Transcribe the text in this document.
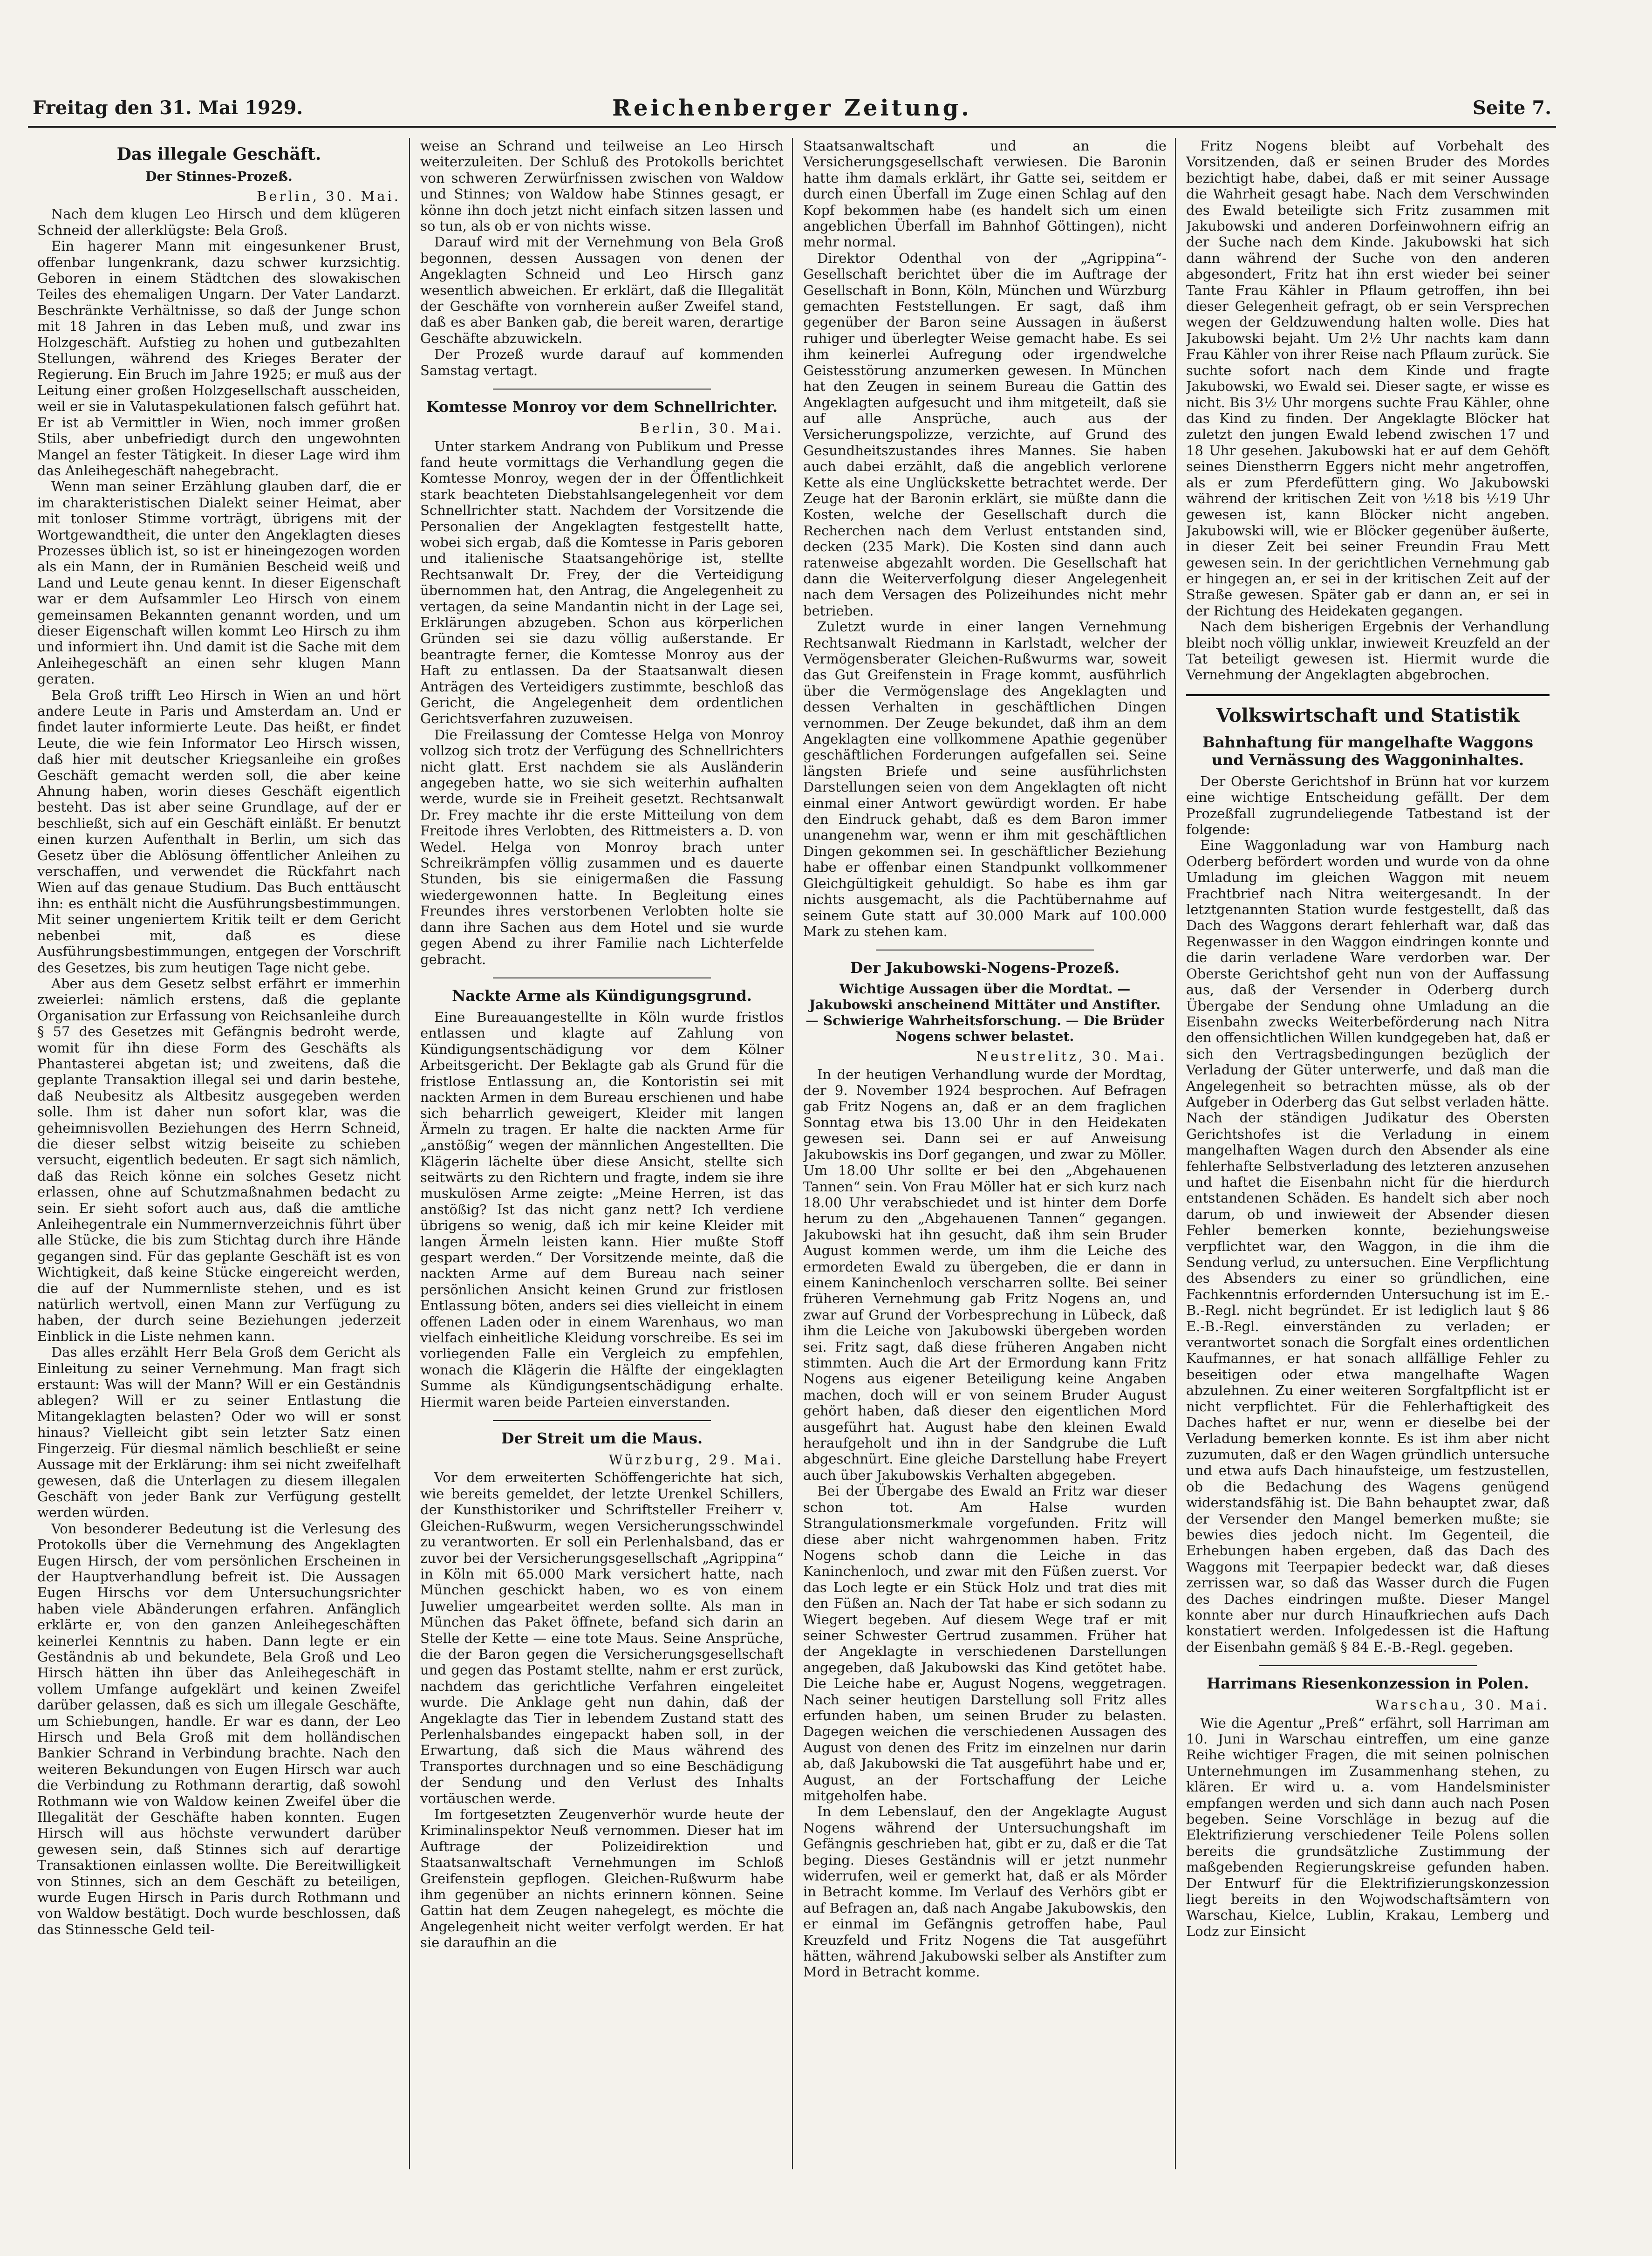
Freitag den 31. Mai 1929.	Reichenberger Zeitung.	Seite 7.
Das illegale Geschäft.
Der Stinnes-Prozeß.
Berlin, 30. Mai.

Nach dem klugen Leo Hirsch und dem klügeren Schneid der allerklügste: Bela Groß.

Ein hagerer Mann mit eingesunkener Brust, offenbar lungenkrank, dazu schwer kurzsichtig. Geboren in einem Städtchen des slowakischen Teiles des ehemaligen Ungarn. Der Vater Landarzt. Beschränkte Verhältnisse, so daß der Junge schon mit 18 Jahren in das Leben muß, und zwar ins Holzgeschäft. Aufstieg zu hohen und gutbezahlten Stellungen, während des Krieges Berater der Regierung. Ein Bruch im Jahre 1925; er muß aus der Leitung einer großen Holzgesellschaft ausscheiden, weil er sie in Valutaspekulationen falsch geführt hat. Er ist ab Vermittler in Wien, noch immer großen Stils, aber unbefriedigt durch den ungewohnten Mangel an fester Tätigkeit. In dieser Lage wird ihm das Anleihegeschäft nahegebracht.

Wenn man seiner Erzählung glauben darf, die er im charakteristischen Dialekt seiner Heimat, aber mit tonloser Stimme vorträgt, übrigens mit der Wortgewandtheit, die unter den Angeklagten dieses Prozesses üblich ist, so ist er hineingezogen worden als ein Mann, der in Rumänien Bescheid weiß und Land und Leute genau kennt. In dieser Eigenschaft war er dem Aufsammler Leo Hirsch von einem gemeinsamen Bekannten genannt worden, und um dieser Eigenschaft willen kommt Leo Hirsch zu ihm und informiert ihn. Und damit ist die Sache mit dem Anleihegeschäft an einen sehr klugen Mann geraten.

Bela Groß trifft Leo Hirsch in Wien an und hört andere Leute in Paris und Amsterdam an. Und er findet lauter informierte Leute. Das heißt, er findet Leute, die wie fein Informator Leo Hirsch wissen, daß hier mit deutscher Kriegsanleihe ein großes Geschäft gemacht werden soll, die aber keine Ahnung haben, worin dieses Geschäft eigentlich besteht. Das ist aber seine Grundlage, auf der er beschließt, sich auf ein Geschäft einläßt. Er benutzt einen kurzen Aufenthalt in Berlin, um sich das Gesetz über die Ablösung öffentlicher Anleihen zu verschaffen, und verwendet die Rückfahrt nach Wien auf das genaue Studium. Das Buch enttäuscht ihn: es enthält nicht die Ausführungsbestimmungen. Mit seiner ungeniertem Kritik teilt er dem Gericht nebenbei mit, daß es diese Ausführungsbestimmungen, entgegen der Vorschrift des Gesetzes, bis zum heutigen Tage nicht gebe.

Aber aus dem Gesetz selbst erfährt er immerhin zweierlei: nämlich erstens, daß die geplante Organisation zur Erfassung von Reichsanleihe durch § 57 des Gesetzes mit Gefängnis bedroht werde, womit für ihn diese Form des Geschäfts als Phantasterei abgetan ist; und zweitens, daß die geplante Transaktion illegal sei und darin bestehe, daß Neubesitz als Altbesitz ausgegeben werden solle. Ihm ist daher nun sofort klar, was die geheimnisvollen Beziehungen des Herrn Schneid, die dieser selbst witzig beiseite zu schieben versucht, eigentlich bedeuten. Er sagt sich nämlich, daß das Reich könne ein solches Gesetz nicht erlassen, ohne auf Schutzmaßnahmen bedacht zu sein. Er sieht sofort auch aus, daß die amtliche Anleihegentrale ein Nummernverzeichnis führt über alle Stücke, die bis zum Stichtag durch ihre Hände gegangen sind. Für das geplante Geschäft ist es von Wichtigkeit, daß keine Stücke eingereicht werden, die auf der Nummernliste stehen, und es ist natürlich wertvoll, einen Mann zur Verfügung zu haben, der durch seine Beziehungen jederzeit Einblick in die Liste nehmen kann.

Das alles erzählt Herr Bela Groß dem Gericht als Einleitung zu seiner Vernehmung. Man fragt sich erstaunt: Was will der Mann? Will er ein Geständnis ablegen? Will er zu seiner Entlastung die Mitangeklagten belasten? Oder wo will er sonst hinaus? Vielleicht gibt sein letzter Satz einen Fingerzeig. Für diesmal nämlich beschließt er seine Aussage mit der Erklärung: ihm sei nicht zweifelhaft gewesen, daß die Unterlagen zu diesem illegalen Geschäft von jeder Bank zur Verfügung gestellt werden würden.

Von besonderer Bedeutung ist die Verlesung des Protokolls über die Vernehmung des Angeklagten Eugen Hirsch, der vom persönlichen Erscheinen in der Hauptverhandlung befreit ist. Die Aussagen Eugen Hirschs vor dem Untersuchungsrichter haben viele Abänderungen erfahren. Anfänglich erklärte er, von den ganzen Anleihegeschäften keinerlei Kenntnis zu haben. Dann legte er ein Geständnis ab und bekundete, Bela Groß und Leo Hirsch hätten ihn über das Anleihegeschäft in vollem Umfange aufgeklärt und keinen Zweifel darüber gelassen, daß es sich um illegale Geschäfte, um Schiebungen, handle. Er war es dann, der Leo Hirsch und Bela Groß mit dem holländischen Bankier Schrand in Verbindung brachte. Nach den weiteren Bekundungen von Eugen Hirsch war auch die Verbindung zu Rothmann derartig, daß sowohl Rothmann wie von Waldow keinen Zweifel über die Illegalität der Geschäfte haben konnten. Eugen Hirsch will aus höchste verwundert darüber gewesen sein, daß Stinnes sich auf derartige Transaktionen einlassen wollte. Die Bereitwilligkeit von Stinnes, sich an dem Geschäft zu beteiligen, wurde Eugen Hirsch in Paris durch Rothmann und von Waldow bestätigt. Doch wurde beschlossen, daß das Stinnessche Geld teil-

weise an Schrand und teilweise an Leo Hirsch weiterzuleiten. Der Schluß des Protokolls berichtet von schweren Zerwürfnissen zwischen von Waldow und Stinnes; von Waldow habe Stinnes gesagt, er könne ihn doch jetzt nicht einfach sitzen lassen und so tun, als ob er von nichts wisse.

Darauf wird mit der Vernehmung von Bela Groß begonnen, dessen Aussagen von denen der Angeklagten Schneid und Leo Hirsch ganz wesentlich abweichen. Er erklärt, daß die Illegalität der Geschäfte von vornherein außer Zweifel stand, daß es aber Banken gab, die bereit waren, derartige Geschäfte abzuwickeln.

Der Prozeß wurde darauf auf kommenden Samstag vertagt.

Komtesse Monroy vor dem Schnellrichter.
Berlin, 30. Mai.

Unter starkem Andrang von Publikum und Presse fand heute vormittags die Verhandlung gegen die Komtesse Monroy, wegen der in der Öffentlichkeit stark beachteten Diebstahlsangelegenheit vor dem Schnellrichter statt. Nachdem der Vorsitzende die Personalien der Angeklagten festgestellt hatte, wobei sich ergab, daß die Komtesse in Paris geboren und italienische Staatsangehörige ist, stellte Rechtsanwalt Dr. Frey, der die Verteidigung übernommen hat, den Antrag, die Angelegenheit zu vertagen, da seine Mandantin nicht in der Lage sei, Erklärungen abzugeben. Schon aus körperlichen Gründen sei sie dazu völlig außerstande. Er beantragte ferner, die Komtesse Monroy aus der Haft zu entlassen. Da der Staatsanwalt diesen Anträgen des Verteidigers zustimmte, beschloß das Gericht, die Angelegenheit dem ordentlichen Gerichtsverfahren zuzuweisen.

Die Freilassung der Comtesse Helga von Monroy vollzog sich trotz der Verfügung des Schnellrichters nicht glatt. Erst nachdem sie als Ausländerin angegeben hatte, wo sie sich weiterhin aufhalten werde, wurde sie in Freiheit gesetzt. Rechtsanwalt Dr. Frey machte ihr die erste Mitteilung von dem Freitode ihres Verlobten, des Rittmeisters a. D. von Wedel. Helga von Monroy brach unter Schreikrämpfen völlig zusammen und es dauerte Stunden, bis sie einigermaßen die Fassung wiedergewonnen hatte. In Begleitung eines Freundes ihres verstorbenen Verlobten holte sie dann ihre Sachen aus dem Hotel und sie wurde gegen Abend zu ihrer Familie nach Lichterfelde gebracht.

Nackte Arme als Kündigungsgrund.

Eine Bureauangestellte in Köln wurde fristlos entlassen und klagte auf Zahlung von Kündigungsentschädigung vor dem Kölner Arbeitsgericht. Der Beklagte gab als Grund für die fristlose Entlassung an, die Kontoristin sei mit nackten Armen in dem Bureau erschienen und habe sich beharrlich geweigert, Kleider mit langen Ärmeln zu tragen. Er halte die nackten Arme für „anstößig“ wegen der männlichen Angestellten. Die Klägerin lächelte über diese Ansicht, stellte sich seitwärts zu den Richtern und fragte, indem sie ihre muskulösen Arme zeigte: „Meine Herren, ist das anstößig? Ist das nicht ganz nett? Ich verdiene übrigens so wenig, daß ich mir keine Kleider mit langen Ärmeln leisten kann. Hier mußte Stoff gespart werden.“ Der Vorsitzende meinte, daß die nackten Arme auf dem Bureau nach seiner persönlichen Ansicht keinen Grund zur fristlosen Entlassung böten, anders sei dies vielleicht in einem offenen Laden oder in einem Warenhaus, wo man vielfach einheitliche Kleidung vorschreibe. Es sei im vorliegenden Falle ein Vergleich zu empfehlen, wonach die Klägerin die Hälfte der eingeklagten Summe als Kündigungsentschädigung erhalte. Hiermit waren beide Parteien einverstanden.

Der Streit um die Maus.
Würzburg, 29. Mai.

Vor dem erweiterten Schöffengerichte hat sich, wie bereits gemeldet, der letzte Urenkel Schillers, der Kunsthistoriker und Schriftsteller Freiherr v. Gleichen-Rußwurm, wegen Versicherungsschwindel zu verantworten. Er soll ein Perlenhalsband, das er zuvor bei der Versicherungsgesellschaft „Agrippina“ in Köln mit 65.000 Mark versichert hatte, nach München geschickt haben, wo es von einem Juwelier umgearbeitet werden sollte. Als man in München das Paket öffnete, befand sich darin an Stelle der Kette — eine tote Maus. Seine Ansprüche, die der Baron gegen die Versicherungsgesellschaft und gegen das Postamt stellte, nahm er erst zurück, nachdem das gerichtliche Verfahren eingeleitet wurde. Die Anklage geht nun dahin, daß der Angeklagte das Tier in lebendem Zustand statt des Perlenhalsbandes eingepackt haben soll, in der Erwartung, daß sich die Maus während des Transportes durchnagen und so eine Beschädigung der Sendung und den Verlust des Inhalts vortäuschen werde.

Im fortgesetzten Zeugenverhör wurde heute der Kriminalinspektor Neuß vernommen. Dieser hat im Auftrage der Polizeidirektion und Staatsanwaltschaft Vernehmungen im Schloß Greifenstein gepflogen. Gleichen-Rußwurm habe ihm gegenüber an nichts erinnern können. Seine Gattin hat dem Zeugen nahegelegt, es möchte die Angelegenheit nicht weiter verfolgt werden. Er hat sie daraufhin an die

Staatsanwaltschaft und an die Versicherungsgesellschaft verwiesen. Die Baronin hatte ihm damals erklärt, ihr Gatte sei, seitdem er durch einen Überfall im Zuge einen Schlag auf den Kopf bekommen habe (es handelt sich um einen angeblichen Überfall im Bahnhof Göttingen), nicht mehr normal.

Direktor Odenthal von der „Agrippina“-Gesellschaft berichtet über die im Auftrage der Gesellschaft in Bonn, Köln, München und Würzburg gemachten Feststellungen. Er sagt, daß ihm gegenüber der Baron seine Aussagen in äußerst ruhiger und überlegter Weise gemacht habe. Es sei ihm keinerlei Aufregung oder irgendwelche Geistesstörung anzumerken gewesen. In München hat den Zeugen in seinem Bureau die Gattin des Angeklagten aufgesucht und ihm mitgeteilt, daß sie auf alle Ansprüche, auch aus der Versicherungspolizze, verzichte, auf Grund des Gesundheitszustandes ihres Mannes. Sie haben auch dabei erzählt, daß die angeblich verlorene Kette als eine Unglückskette betrachtet werde. Der Zeuge hat der Baronin erklärt, sie müßte dann die Kosten, welche der Gesellschaft durch die Recherchen nach dem Verlust entstanden sind, decken (235 Mark). Die Kosten sind dann auch ratenweise abgezahlt worden. Die Gesellschaft hat dann die Weiterverfolgung dieser Angelegenheit nach dem Versagen des Polizeihundes nicht mehr betrieben.

Zuletzt wurde in einer langen Vernehmung Rechtsanwalt Riedmann in Karlstadt, welcher der Vermögensberater Gleichen-Rußwurms war, soweit das Gut Greifenstein in Frage kommt, ausführlich über die Vermögenslage des Angeklagten und dessen Verhalten in geschäftlichen Dingen vernommen. Der Zeuge bekundet, daß ihm an dem Angeklagten eine vollkommene Apathie gegenüber geschäftlichen Forderungen aufgefallen sei. Seine längsten Briefe und seine ausführlichsten Darstellungen seien von dem Angeklagten oft nicht einmal einer Antwort gewürdigt worden. Er habe den Eindruck gehabt, daß es dem Baron immer unangenehm war, wenn er ihm mit geschäftlichen Dingen gekommen sei. In geschäftlicher Beziehung habe er offenbar einen Standpunkt vollkommener Gleichgültigkeit gehuldigt. So habe es ihm gar nichts ausgemacht, als die Pachtübernahme auf seinem Gute statt auf 30.000 Mark auf 100.000 Mark zu stehen kam.

Der Jakubowski-Nogens-Prozeß.
Wichtige Aussagen über die Mordtat. — Jakubowski anscheinend Mittäter und Anstifter. — Schwierige Wahrheitsforschung. — Die Brüder Nogens schwer belastet.
Neustrelitz, 30. Mai.

In der heutigen Verhandlung wurde der Mordtag, der 9. November 1924 besprochen. Auf Befragen gab Fritz Nogens an, daß er an dem fraglichen Sonntag etwa bis 13.00 Uhr in den Heidekaten gewesen sei. Dann sei er auf Anweisung Jakubowskis ins Dorf gegangen, und zwar zu Möller. Um 18.00 Uhr sollte er bei den „Abgehauenen Tannen“ sein. Von Frau Möller hat er sich kurz nach 18.00 Uhr verabschiedet und ist hinter dem Dorfe herum zu den „Abgehauenen Tannen“ gegangen. Jakubowski hat ihn gesucht, daß ihm sein Bruder August kommen werde, um ihm die Leiche des ermordeten Ewald zu übergeben, die er dann in einem Kaninchenloch verscharren sollte. Bei seiner früheren Vernehmung gab Fritz Nogens an, und zwar auf Grund der Vorbesprechung in Lübeck, daß ihm die Leiche von Jakubowski übergeben worden sei. Fritz sagt, daß diese früheren Angaben nicht stimmten. Auch die Art der Ermordung kann Fritz Nogens aus eigener Beteiligung keine Angaben machen, doch will er von seinem Bruder August gehört haben, daß dieser den eigentlichen Mord ausgeführt hat. August habe den kleinen Ewald heraufgeholt und ihn in der Sandgrube die Luft abgeschnürt. Eine gleiche Darstellung habe Freyert auch über Jakubowskis Verhalten abgegeben.

Bei der Übergabe des Ewald an Fritz war dieser schon tot. Am Halse wurden Strangulationsmerkmale vorgefunden. Fritz will diese aber nicht wahrgenommen haben. Fritz Nogens schob dann die Leiche in das Kaninchenloch, und zwar mit den Füßen zuerst. Vor das Loch legte er ein Stück Holz und trat dies mit den Füßen an. Nach der Tat habe er sich sodann zu Wiegert begeben. Auf diesem Wege traf er mit seiner Schwester Gertrud zusammen. Früher hat der Angeklagte in verschiedenen Darstellungen angegeben, daß Jakubowski das Kind getötet habe. Die Leiche habe er, August Nogens, weggetragen. Nach seiner heutigen Darstellung soll Fritz alles erfunden haben, um seinen Bruder zu belasten. Dagegen weichen die verschiedenen Aussagen des August von denen des Fritz im einzelnen nur darin ab, daß Jakubowski die Tat ausgeführt habe und er, August, an der Fortschaffung der Leiche mitgeholfen habe.

In dem Lebenslauf, den der Angeklagte August Nogens während der Untersuchungshaft im Gefängnis geschrieben hat, gibt er zu, daß er die Tat beging. Dieses Geständnis will er jetzt nunmehr widerrufen, weil er gemerkt hat, daß er als Mörder in Betracht komme. Im Verlauf des Verhörs gibt er auf Befragen an, daß nach Angabe Jakubowskis, den er einmal im Gefängnis getroffen habe, Paul Kreuzfeld und Fritz Nogens die Tat ausgeführt hätten, während Jakubowski selber als Anstifter zum Mord in Betracht komme.

Fritz Nogens bleibt auf Vorbehalt des Vorsitzenden, daß er seinen Bruder des Mordes bezichtigt habe, dabei, daß er mit seiner Aussage die Wahrheit gesagt habe. Nach dem Verschwinden des Ewald beteiligte sich Fritz zusammen mit Jakubowski und anderen Dorfeinwohnern eifrig an der Suche nach dem Kinde. Jakubowski hat sich dann während der Suche von den anderen abgesondert, Fritz hat ihn erst wieder bei seiner Tante Frau Kähler in Pflaum getroffen, ihn bei dieser Gelegenheit gefragt, ob er sein Versprechen wegen der Geldzuwendung halten wolle. Dies hat Jakubowski bejaht. Um 2½ Uhr nachts kam dann Frau Kähler von ihrer Reise nach Pflaum zurück. Sie suchte sofort nach dem Kinde und fragte Jakubowski, wo Ewald sei. Dieser sagte, er wisse es nicht. Bis 3½ Uhr morgens suchte Frau Kähler, ohne das Kind zu finden. Der Angeklagte Blöcker hat zuletzt den jungen Ewald lebend zwischen 17 und 18 Uhr gesehen. Jakubowski hat er auf dem Gehöft seines Dienstherrn Eggers nicht mehr angetroffen, als er zum Pferdefüttern ging. Wo Jakubowski während der kritischen Zeit von ½18 bis ½19 Uhr gewesen ist, kann Blöcker nicht angeben. Jakubowski will, wie er Blöcker gegenüber äußerte, in dieser Zeit bei seiner Freundin Frau Mett gewesen sein. In der gerichtlichen Vernehmung gab er hingegen an, er sei in der kritischen Zeit auf der Straße gewesen. Später gab er dann an, er sei in der Richtung des Heidekaten gegangen.

Nach dem bisherigen Ergebnis der Verhandlung bleibt noch völlig unklar, inwieweit Kreuzfeld an der Tat beteiligt gewesen ist. Hiermit wurde die Vernehmung der Angeklagten abgebrochen.

Volkswirtschaft und Statistik
Bahnhaftung für mangelhafte Waggons und Vernässung des Waggoninhaltes.

Der Oberste Gerichtshof in Brünn hat vor kurzem eine wichtige Entscheidung gefällt. Der dem Prozeßfall zugrundeliegende Tatbestand ist der folgende:

Eine Waggonladung war von Hamburg nach Oderberg befördert worden und wurde von da ohne Umladung im gleichen Waggon mit neuem Frachtbrief nach Nitra weitergesandt. In der letztgenannten Station wurde festgestellt, daß das Dach des Waggons derart fehlerhaft war, daß das Regenwasser in den Waggon eindringen konnte und die darin verladene Ware verdorben war. Der Oberste Gerichtshof geht nun von der Auffassung aus, daß der Versender in Oderberg durch Übergabe der Sendung ohne Umladung an die Eisenbahn zwecks Weiterbeförderung nach Nitra den offensichtlichen Willen kundgegeben hat, daß er sich den Vertragsbedingungen bezüglich der Verladung der Güter unterwerfe, und daß man die Angelegenheit so betrachten müsse, als ob der Aufgeber in Oderberg das Gut selbst verladen hätte. Nach der ständigen Judikatur des Obersten Gerichtshofes ist die Verladung in einem mangelhaften Wagen durch den Absender als eine fehlerhafte Selbstverladung des letzteren anzusehen und haftet die Eisenbahn nicht für die hierdurch entstandenen Schäden. Es handelt sich aber noch darum, ob und inwieweit der Absender diesen Fehler bemerken konnte, beziehungsweise verpflichtet war, den Waggon, in die ihm die Sendung verlud, zu untersuchen. Eine Verpflichtung des Absenders zu einer so gründlichen, eine Fachkenntnis erfordernden Untersuchung ist im E.-B.-Regl. nicht begründet. Er ist lediglich laut § 86 E.-B.-Regl. einverständen zu verladen; er verantwortet sonach die Sorgfalt eines ordentlichen Kaufmannes, er hat sonach allfällige Fehler zu beseitigen oder etwa mangelhafte Wagen abzulehnen. Zu einer weiteren Sorgfaltpflicht ist er nicht verpflichtet. Für die Fehlerhaftigkeit des Daches haftet er nur, wenn er dieselbe bei der Verladung bemerken konnte. Es ist ihm aber nicht zuzumuten, daß er den Wagen gründlich untersuche und etwa aufs Dach hinaufsteige, um festzustellen, ob die Bedachung des Wagens genügend widerstandsfähig ist. Die Bahn behauptet zwar, daß der Versender den Mangel bemerken mußte; sie bewies dies jedoch nicht. Im Gegenteil, die Erhebungen haben ergeben, daß das Dach des Waggons mit Teerpapier bedeckt war, daß dieses zerrissen war, so daß das Wasser durch die Fugen des Daches eindringen mußte. Dieser Mangel konnte aber nur durch Hinaufkriechen aufs Dach konstatiert werden. Infolgedessen ist die Haftung der Eisenbahn gemäß § 84 E.-B.-Regl. gegeben.

Harrimans Riesenkonzession in Polen.
Warschau, 30. Mai.

Wie die Agentur „Preß“ erfährt, soll Harriman am 10. Juni in Warschau eintreffen, um eine ganze Reihe wichtiger Fragen, die mit seinen polnischen Unternehmungen im Zusammenhang stehen, zu klären. Er wird u. a. vom Handelsminister empfangen werden und sich dann auch nach Posen begeben. Seine Vorschläge in bezug auf die Elektrifizierung verschiedener Teile Polens sollen bereits die grundsätzliche Zustimmung der maßgebenden Regierungskreise gefunden haben. Der Entwurf für die Elektrifizierungskonzession liegt bereits in den Wojwodschaftsämtern von Warschau, Kielce, Lublin, Krakau, Lemberg und Lodz zur Einsicht
